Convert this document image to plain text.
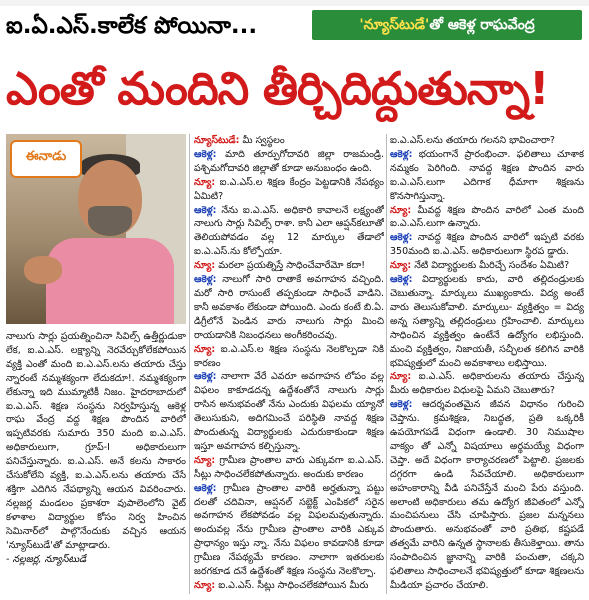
ఐ.ఏ.ఎస్.కాలేక పోయినా...	'న్యూస్‌టుడే'తో ఆకెళ్ల రాఘవేంద్ర
ఎంతో మందిని తీర్చిదిద్దుతున్నా!
ఈనాడు

నాలుగు సార్లు ప్రయత్నించినా సివిల్స్ ఉత్తీర్ణుడుకా లేక, ఐ.ఎ.ఎస్. లక్ష్యాన్ని నెరవేర్చుకోలేకపోయిన వ్యక్తి ఎంతో మంది ఐ.ఎ.ఎస్.లను తయారు చేస్తు న్నారంటే నమ్మశక్యంగా లేదుకదూ!. నమ్మశక్యంగా లేకున్నా ఇది ముమ్మాటికీ నిజం. హైదరాబాదులో ఐ.ఎ.ఎస్. శిక్షణ సంస్థను నిర్వహిస్తున్న ఆకెళ్ల రాఘ వేంద్ర వద్ద శిక్షణ పొందిన వారిలో ఇప్పటివరకు సుమారు 350 మంది ఐ.ఎ.ఎస్. అధికారులుగా, గ్రూప్-I అధికారులుగా పనిచేస్తున్నారు. ఐ.ఎ.ఎస్. అనే కలను సాకారం చేసుకోలేని వ్యక్తి, ఐ.ఎ.ఎస్.లను తయారు చేసే శక్తిగా ఎదిగిన నేపథ్యాన్ని ఆయన వివరించారు. నల్లజర్ల మండలం ప్రకాశరా వుపాలెంలోని వైట్ కళాశాల విద్యార్థుల కోసం నిర్వ హించిన సెమినార్‌లో పాల్గొనేందుకు వచ్చిన ఆయన 'న్యూస్‌టుడే'తో మాట్లాడారు.

- నల్లజర్ల, న్యూస్‌టుడే

న్యూస్‌టుడే: మీ స్వస్థలం

ఆకెళ్ల: మాది తూర్పుగోదావరి జిల్లా రాజమండ్రి. పశ్చిమగోదావరి జిల్లాతో కూడా అనుబంధం ఉంది.

న్యూ: ఐ.ఎ.ఎస్.ల శిక్షణ కేంద్రం పెట్టడానికి నేపథ్యం ఏమిటి?

ఆకెళ్ల: నేను ఐ.ఎ.ఎస్. అధికారి కావాలనే లక్ష్యంతో నాలుగు సార్లు సివిల్స్ రాశా. కానీ ఎలా ఆప్షన్‌కలూతో తెలియపోవడం వల్ల 12 మార్కుల తేడాలో ఐ.ఎ.ఎస్.ను కోల్పోయా.

న్యూ: మరలా ప్రయత్నిస్తే సాధించేవారేమో కదా!

ఆకెళ్ల: నాలుగో సారి రాతాకే అవగాహన వచ్చింది. మరో సారి రాసుంటే తప్పకుండా సాధించే వాడిని. కానీ అవకాశం లేకుండా పోయింది. ఎందు కంటే బి.ఏ. డిగ్రీలోనే పెండిన వారు నాలుగు సార్లు మించి రాయడానికి నిబంధనలు అంగీకరించవు.

న్యూ: ఐ.ఎ.ఎస్.ల శిక్షణ సంస్థను నెలకొల్పడా నికి కారణం

ఆకెళ్ల: నాలాగా వేరే ఎవరూ అవగాహన లోపం వల్ల విఫలం కాకూడదన్న ఉద్దేశంతోనే నాలుగు సార్లు రాసిన అనుభవంతో నేను ఎందుకు విఫలమ య్యానో తెలుసుకుని, అదిగమించే పరిస్థితి నావద్ద శిక్షణ పొందుతున్న విద్యార్థులకు ఎదురుకాకుండా శిక్షణ ఇస్తూ అవగాహన కల్పిస్తున్నా.

న్యూ: గ్రామీణ ప్రాంతాల వారు ఎక్కువగా ఐ.ఎ.ఎస్. సీట్లు సాధించలేకపోతున్నారు. అందుకు కారణం

ఆకెళ్ల: గ్రామీణ ప్రాంతాల వారికి అర్హతున్నా పట్టు దలతో చదివినా, ఆప్షనల్ సబ్జెక్ట్ ఎంపికలో సరైన అవగాహన లేకపోవడం వల్ల విఫలమవుతున్నారు. అందువల్ల నేను గ్రామీణ ప్రాంతాల వారికి ఎక్కువ ప్రాధాన్యం ఇస్తు న్నా. నేను విఫలం కావడానికి కూడా గ్రామీణ నేపథ్యమే కారణం. నాలాగా ఇతరులకు జరగకూడ దనే ఉద్దేశంతో శిక్షణ సంస్థను నెలకొల్పా.

న్యూ: ఐ.ఎ.ఎస్. సీట్లు సాధించలేకపోయిన మీరు

ఐ.ఎ.ఎస్.లను తయారు గలనని భావించారా?

ఆకెళ్ల: భయంగానే ప్రారంభించా. ఫలితాలు చూశాక నమ్మకం పెరిగింది. నావద్ద శిక్షణ పొందిన వారు ఐ.ఎ.ఎస్.లుగా ఎదిగాక ధీమాగా శిక్షణను కొనసాగిస్తున్నా.

న్యూ: మీవద్ద శిక్షణ పొందిన వారిలో ఎంత మంది ఐ.ఎ.ఎస్.లుగా ఉన్నారు.

ఆకెళ్ల: నావద్ద శిక్షణ పొందిన వారిలో ఇప్పటి వరకు 350మంది ఐ.ఎ.ఎస్. అధికారులుగా స్థిరప డ్డారు.

న్యూ: నేటి విద్యార్థులకు మీరిచ్చే సందేశం ఏమిటి?

ఆకెళ్ల: విద్యార్థులకు కాదు, వారి తల్లిదండ్రులకు చెబుతున్నా. మార్కులు ముఖ్యంకాదు. విద్య అంటే వారు తెలుసుకోవాలి. మార్కులు- వ్యక్తిత్వం = విద్య అన్న సత్యాన్ని తల్లిదండ్రులు గ్రహించాలి. మార్కులు సాధించిన వ్యక్తిత్వం ఉంటేనే ఉద్యోగం లభిస్తుంది. మంచి వ్యక్తిత్వం, నిజాయతీ, సచ్ఛీలత కలిగిన వారికి భవిష్యత్తులో మంచి అవకాశాలు లభిస్తాయి.

న్యూ: ఐ.ఎ.ఎస్. అధికారులను తయారు చేస్తున్న మీరు అధికారుల విధులపై ఏమని చెబుతారు?

ఆకెళ్ల: ఆదర్శవంతమైన జీవన విధానం గురించి చెప్తాను. క్రమశిక్షణ, నిబద్ధత, ప్రతి ఒక్కరికీ ఉపయోగపడే విధంగా ఉండాలి. 30 నిముషాల వాక్యం తో ఎన్నో విషయాలు అర్థమయ్యే విధంగా చెప్తా. అదే విధంగా కార్యాచరణలో పెట్టాలి. ప్రజలకు దగ్గరగా ఉండి సేవచేయాలి. అధికారులుగా అహంకారాన్ని వీడి పనిచేస్తేనే మంచి పేరు వస్తుంది. అలాంటి అధికారులు తమ ఉద్యోగ జీవితంలో ఎన్నో మంచిపనులు చేసి చూపిస్తారు. ప్రజల మన్ననలు పొందుతారు. అనుభవంతో వారి ప్రతిభ, కష్టపడే తత్వమే వారిని ఉన్నత స్థానాలకు తీసుకెళ్తాయి. తాను సంపాదించిన జ్ఞానాన్ని వారికి పంచుతా, చక్కని ఫలితాలు సాధించాలనే భవిష్యత్తులో కూడా శిక్షణలను మీడియా ప్రచారం చేయాలి.
